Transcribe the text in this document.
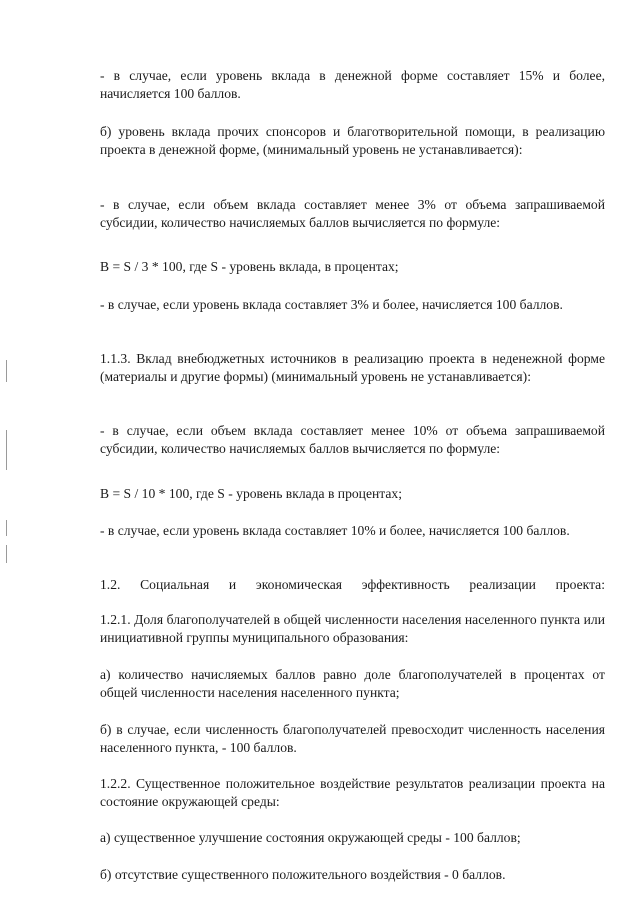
- в случае, если уровень вклада в денежной форме составляет 15% и более, начисляется 100 баллов.

б) уровень вклада прочих спонсоров и благотворительной помощи, в реализацию проекта в денежной форме, (минимальный уровень не устанавливается):

- в случае, если объем вклада составляет менее 3% от объема запрашиваемой субсидии, количество начисляемых баллов вычисляется по формуле:

B = S / 3 * 100, где S - уровень вклада, в процентах;

- в случае, если уровень вклада составляет 3% и более, начисляется 100 баллов.

1.1.3. Вклад внебюджетных источников в реализацию проекта в неденежной форме (материалы и другие формы) (минимальный уровень не устанавливается):

- в случае, если объем вклада составляет менее 10% от объема запрашиваемой субсидии, количество начисляемых баллов вычисляется по формуле:

B = S / 10 * 100, где S - уровень вклада в процентах;

- в случае, если уровень вклада составляет 10% и более, начисляется 100 баллов.

1.2. Социальная и экономическая эффективность реализации проекта:

1.2.1. Доля благополучателей в общей численности населения населенного пункта или инициативной группы муниципального образования:

а) количество начисляемых баллов равно доле благополучателей в процентах от общей численности населения населенного пункта;

б) в случае, если численность благополучателей превосходит численность населения населенного пункта, - 100 баллов.

1.2.2. Существенное положительное воздействие результатов реализации проекта на состояние окружающей среды:

а) существенное улучшение состояния окружающей среды - 100 баллов;

б) отсутствие существенного положительного воздействия - 0 баллов.
